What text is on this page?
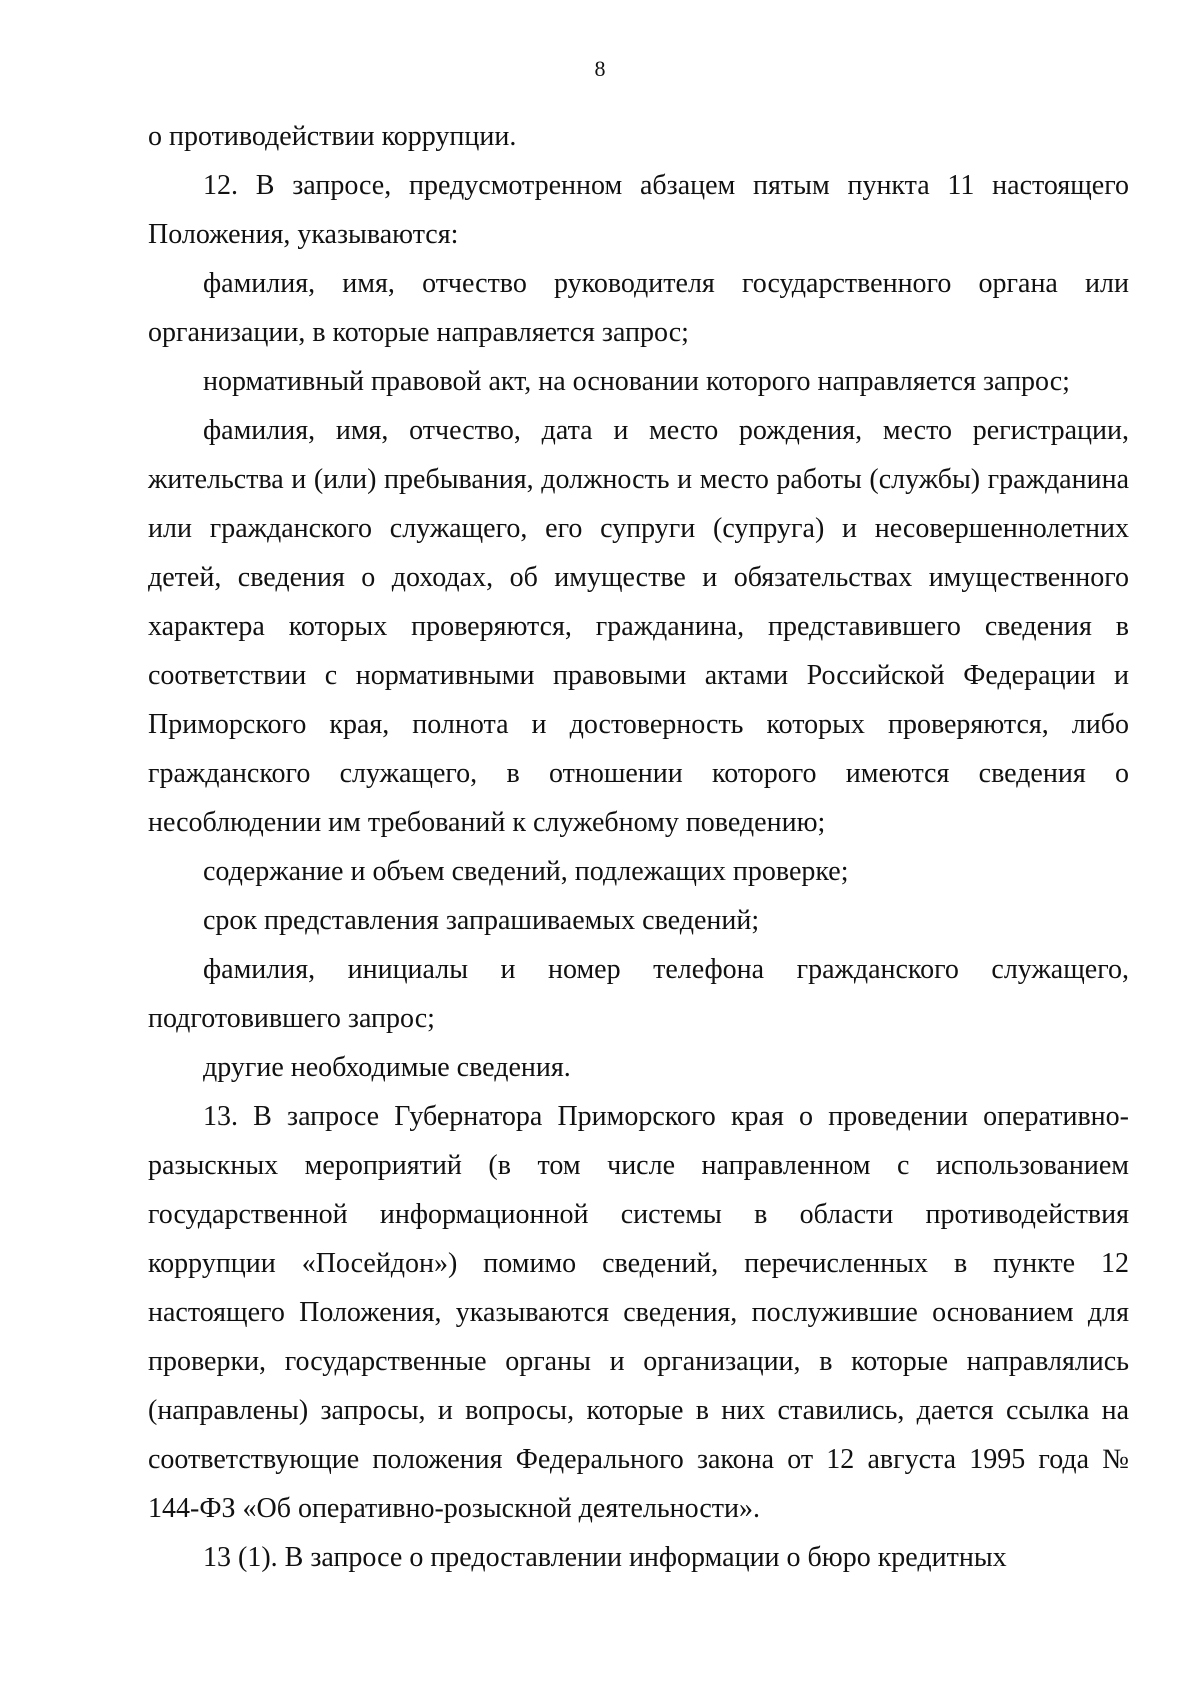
8

о противодействии коррупции.

12. В запросе, предусмотренном абзацем пятым пункта 11 настоящего Положения, указываются:

фамилия, имя, отчество руководителя государственного органа или организации, в которые направляется запрос;

нормативный правовой акт, на основании которого направляется запрос;

фамилия, имя, отчество, дата и место рождения, место регистрации, жительства и (или) пребывания, должность и место работы (службы) гражданина или гражданского служащего, его супруги (супруга) и несовершеннолетних детей, сведения о доходах, об имуществе и обязательствах имущественного характера которых проверяются, гражданина, представившего сведения в соответствии с нормативными правовыми актами Российской Федерации и Приморского края, полнота и достоверность которых проверяются, либо гражданского служащего, в отношении которого имеются сведения о несоблюдении им требований к служебному поведению;

содержание и объем сведений, подлежащих проверке;

срок представления запрашиваемых сведений;

фамилия, инициалы и номер телефона гражданского служащего, подготовившего запрос;

другие необходимые сведения.

13. В запросе Губернатора Приморского края о проведении оперативно-разыскных мероприятий (в том числе направленном с использованием государственной информационной системы в области противодействия коррупции «Посейдон») помимо сведений, перечисленных в пункте 12 настоящего Положения, указываются сведения, послужившие основанием для проверки, государственные органы и организации, в которые направлялись (направлены) запросы, и вопросы, которые в них ставились, дается ссылка на соответствующие положения Федерального закона от 12 августа 1995 года № 144-ФЗ «Об оперативно-розыскной деятельности».

13 (1). В запросе о предоставлении информации о бюро кредитных
